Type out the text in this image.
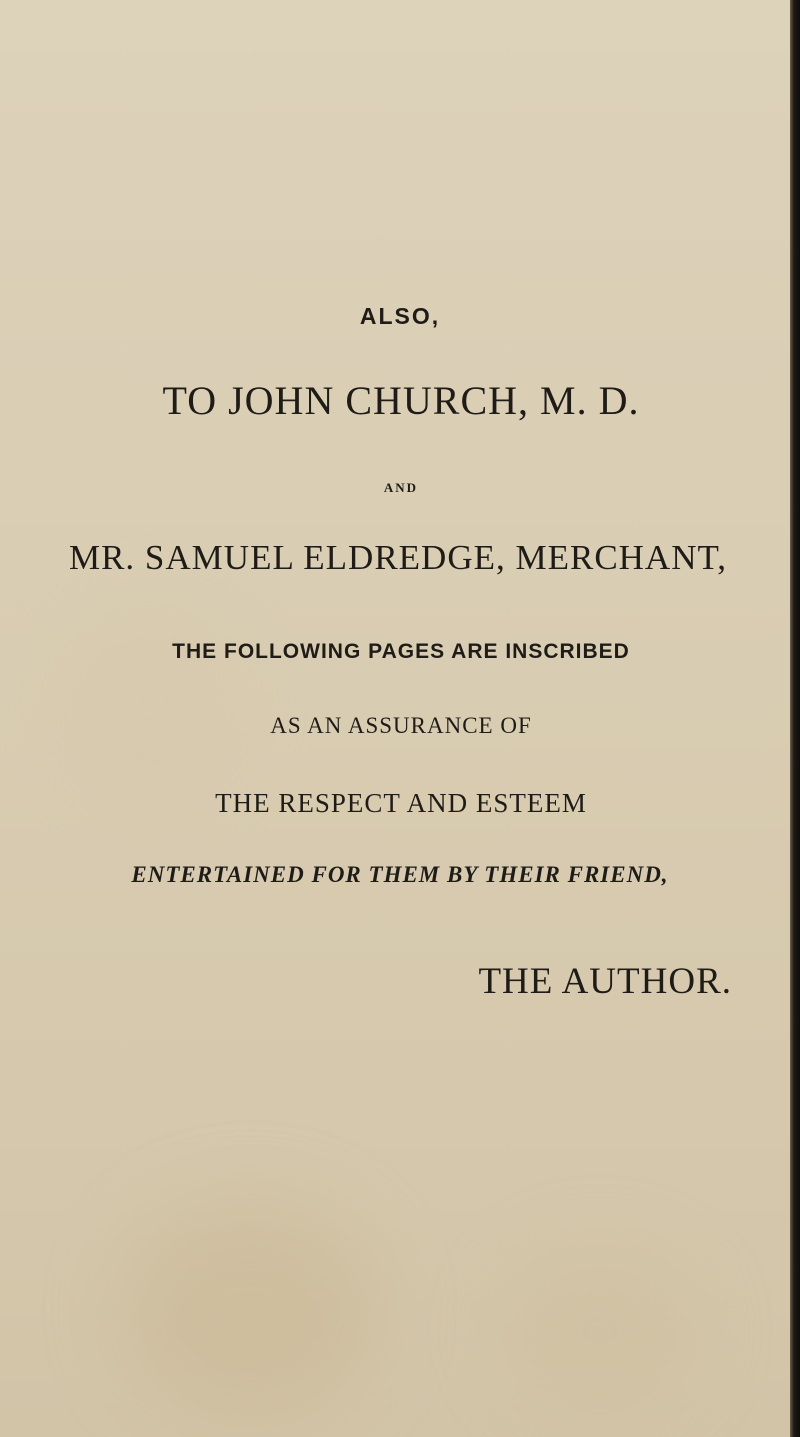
ALSO,
TO JOHN CHURCH, M. D.
AND
MR. SAMUEL ELDREDGE, MERCHANT,
THE FOLLOWING PAGES ARE INSCRIBED
AS AN ASSURANCE OF
THE RESPECT AND ESTEEM
ENTERTAINED FOR THEM BY THEIR FRIEND,
THE AUTHOR.
